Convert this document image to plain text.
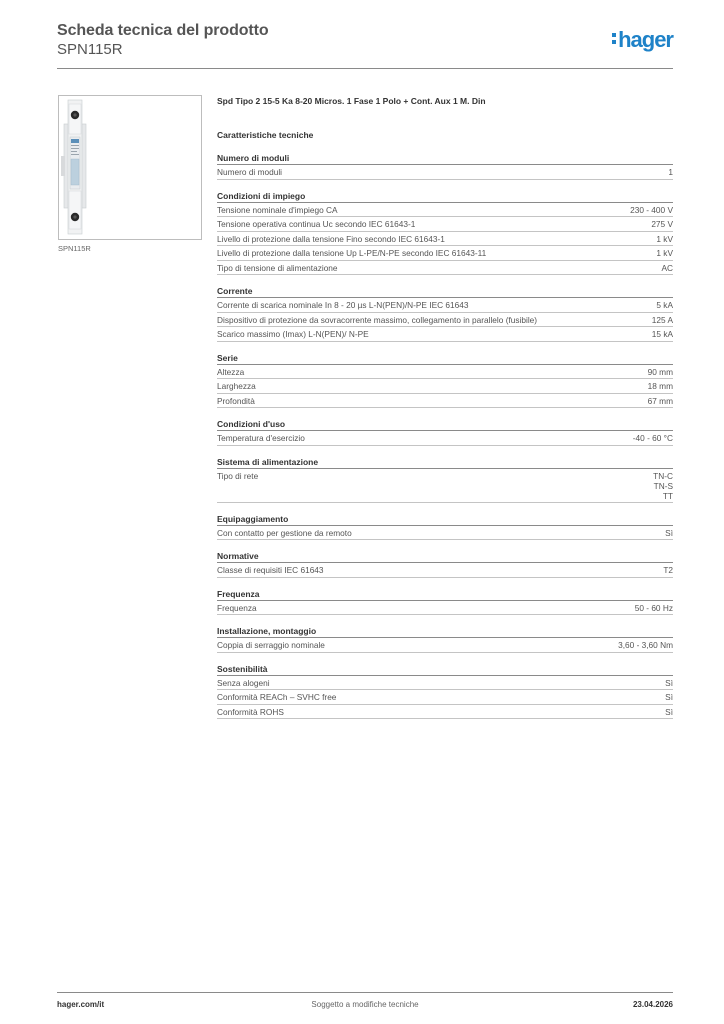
Scheda tecnica del prodotto
SPN115R	hager
SPN115R
Spd Tipo 2 15-5 Ka 8-20 Micros. 1 Fase 1 Polo + Cont. Aux 1 M. Din
Caratteristiche tecniche
Numero di moduli
Numero di moduli	1
Condizioni di impiego
Tensione nominale d'impiego CA	230 - 400 V
Tensione operativa continua Uc secondo IEC 61643-1	275 V
Livello di protezione dalla tensione Fino secondo IEC 61643-1	1 kV
Livello di protezione dalla tensione Up L-PE/N-PE secondo IEC 61643-11	1 kV
Tipo di tensione di alimentazione	AC
Corrente
Corrente di scarica nominale In 8 - 20 µs L-N(PEN)/N-PE IEC 61643	5 kA
Dispositivo di protezione da sovracorrente massimo, collegamento in parallelo (fusibile)	125 A
Scarico massimo (Imax) L-N(PEN)/ N-PE	15 kA
Serie
Altezza	90 mm
Larghezza	18 mm
Profondità	67 mm
Condizioni d'uso
Temperatura d'esercizio	-40 - 60 °C
Sistema di alimentazione
Tipo di rete	TN-C
TN-S
TT
Equipaggiamento
Con contatto per gestione da remoto	Sì
Normative
Classe di requisiti IEC 61643	T2
Frequenza
Frequenza	50 - 60 Hz
Installazione, montaggio
Coppia di serraggio nominale	3,60 - 3,60 Nm
Sostenibilità
Senza alogeni	Sì
Conformità REACh – SVHC free	Sì
Conformità ROHS	Sì
hager.com/it	Soggetto a modifiche tecniche	23.04.2026
